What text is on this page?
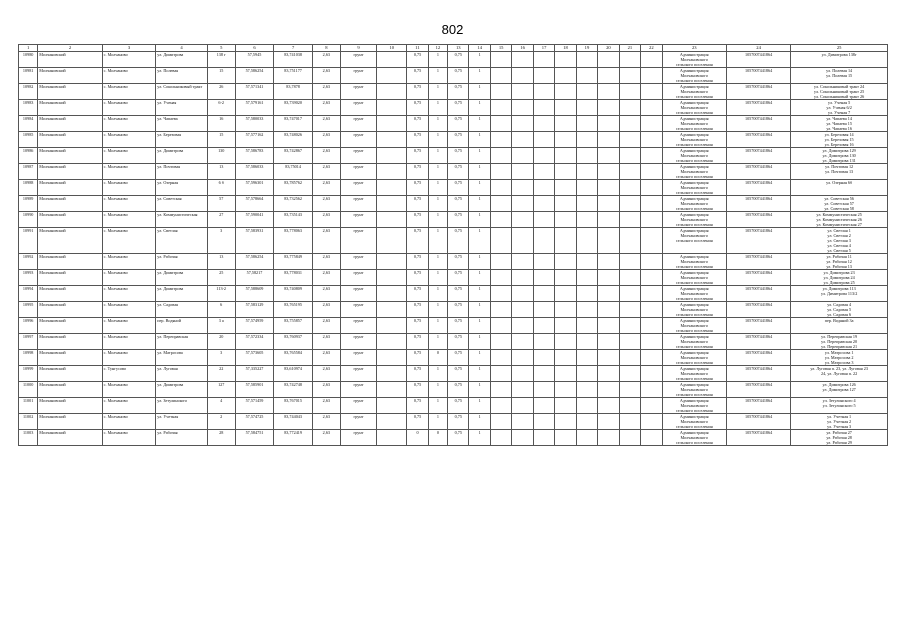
802
1	2	3	4	5	6	7	8	9	10	11	12	13	14	15	16	17	18	19	20	21	22	23	24	25
10980	Молчановский	с. Молчаново	ул. Димитрова	138 г	57,5945	83,741038	2,63	грунт		0,75	1	0,75	1									Администрация
Молчановского
сельского поселения	1057007441864	ул. Димитрова 138г

10981	Молчановский	с. Молчаново	ул. Полевая	15	57,586254	83,751177	2,63	грунт		0,75	1	0,75	1									Администрация
Молчановского
сельского поселения	1057007441864	ул. Полевая 14
ул. Полевая 15

10982	Молчановский	с. Молчаново	ул. Сокольниковый тракт	26	57,571341	83,7878	2,63	грунт		0,75	1	0,75	1									Администрация
Молчановского
сельского поселения	1057007441864	ул. Сокольниковый тракт 24
ул. Сокольниковый тракт 25
ул. Сокольниковый тракт 26

10983	Молчановский	с. Молчаново	ул. Ученая	6-2	57,579161	83,739020	2,63	грунт		0,75	1	0,75	1									Администрация
Молчановского
сельского поселения	1057007441864	ул. Ученая 5
ул. Ученая 6/2
ул. Ученая 7

10984	Молчановский	с. Молчаново	ул. Чапаева	16	57,580033	83,747017	2,63	грунт		0,75	1	0,75	1									Администрация
Молчановского
сельского поселения	1057007441864	ул. Чапаева 14
ул. Чапаева 15
ул. Чапаева 16

10985	Молчановский	с. Молчаново	ул. Березовая	15	57,577162	83,748026	2,63	грунт		0,75	1	0,75	1									Администрация
Молчановского
сельского поселения	1057007441864	ул. Березовая 14
ул. Березовая 15
ул. Березовая 16

10986	Молчановский	с. Молчаново	ул. Димитрова	130	57,586783	83,742867	2,63	грунт		0,75	1	0,75	1									Администрация
Молчановского
сельского поселения	1057007441864	ул. Димитрова 129
ул. Димитрова 130
ул. Димитрова 131

10987	Молчановский	с. Молчаново	ул. Почтовая	13	57,586033	83,75014	2,63	грунт		0,75	1	0,75	1									Администрация
Молчановского
сельского поселения	1057007441864	ул. Почтовая 12
ул. Почтовая 13

10988	Молчановский	с. Молчаново	ул. Озерная	6 б	57,596301	83,785762	2,63	грунт		0,75	1	0,75	1									Администрация
Молчановского
сельского поселения	1057007441864	ул. Озерная 6б

10989	Молчановский	с. Молчаново	ул. Советская	57	57,578664	83,732562	2,63	грунт		0,75	1	0,75	1									Администрация
Молчановского
сельского поселения	1057007441864	ул. Советская 56
ул. Советская 57
ул. Советская 58

10990	Молчановский	с. Молчаново	ул. Коммунистическая	27	57,590041	83,735143	2,63	грунт		0,75	1	0,75	1									Администрация
Молчановского
сельского поселения	1057007441864	ул. Коммунистическая 25
ул. Коммунистическая 26
ул. Коммунистическая 27

10991	Молчановский	с. Молчаново	ул. Светлая	3	57,583931	83,778063	2,63	грунт		0,75	1	0,75	1									Администрация
Молчановского
сельского поселения	1057007441864	ул. Светлая 1
ул. Светлая 2
ул. Светлая 3
ул. Светлая 4
ул. Светлая 5

10992	Молчановский	с. Молчаново	ул. Рабочая	13	57,586254	83,775849	2,63	грунт		0,75	1	0,75	1									Администрация
Молчановского
сельского поселения	1057007441864	ул. Рабочая 11
ул. Рабочая 12
ул. Рабочая 13

10993	Молчановский	с. Молчаново	ул. Димитрова	25	57,58217	83,778031	2,63	грунт		0,75	1	0,75	1									Администрация
Молчановского
сельского поселения	1057007441864	ул. Димитрова 23
ул. Димитрова 24
ул. Димитрова 25

10994	Молчановский	с. Молчаново	ул. Димитрова	113-2	57,588609	83,740809	2,63	грунт		0,75	1	0,75	1									Администрация
Молчановского
сельского поселения	1057007441864	ул. Димитрова 113
ул. Димитрова 113/2

10995	Молчановский	с. Молчаново	ул. Садовая	6	57,583129	83,765195	2,63	грунт		0,75	1	0,75	1									Администрация
Молчановского
сельского поселения	1057007441864	ул. Садовая 4
ул. Садовая 5
ул. Садовая 6

10996	Молчановский	с. Молчаново	пер. Водяной	3 а	57,574959	83,755857	2,63	грунт		0,75	1	0,75	1									Администрация
Молчановского
сельского поселения	1057007441864	пер. Водяной 3а

10997	Молчановский	с. Молчаново	ул. Переправская	20	57,572334	83,760937	2,63	грунт		0,75	1	0,75	1									Администрация
Молчановского
сельского поселения	1057007441864	ул. Переправская 19
ул. Переправская 20
ул. Переправская 21

10998	Молчановский	с. Молчаново	ул. Матросова	3	57,573605	83,765584	2,63	грунт		0,75	0	0,75	1									Администрация
Молчановского
сельского поселения	1057007441864	ул. Матросова 1
ул. Матросова 2
ул. Матросова 3

10999	Молчановский	с. Тунгусово	ул. Луговая	22	57,335227	83,610974	2,63	грунт		0,75	1	0,75	1									Администрация
Молчановского
сельского поселения	1057007441864	ул. Луговая п. 23, ул. Луговая 23
24, ул. Луговая п. 22

11000	Молчановский	с. Молчаново	ул. Димитрова	127	57,585901	83,742748	2,63	грунт		0,75	1	0,75	1									Администрация
Молчановского
сельского поселения	1057007441864	ул. Димитрова 126
ул. Димитрова 127

11001	Молчановский	с. Молчаново	ул. Зетулинского	4	57,571459	83,767015	2,63	грунт		0,75	1	0,75	1									Администрация
Молчановского
сельского поселения	1057007441864	ул. Зетулинского 4
ул. Зетулинского 5

11002	Молчановский	с. Молчаново	ул. Учетная	2	57,574725	83,744043	2,63	грунт		0,75	1	0,75	1									Администрация
Молчановского
сельского поселения	1057007441864	ул. Учетная 1
ул. Учетная 2
ул. Учетная 3

11003	Молчановский	с. Молчаново	ул. Рабочая	28	57,584751	83,772419	2,63	грунт		0	0	0,75	1									Администрация
Молчановского
сельского поселения	1057007441864	ул. Рабочая 27
ул. Рабочая 28
ул. Рабочая 29
